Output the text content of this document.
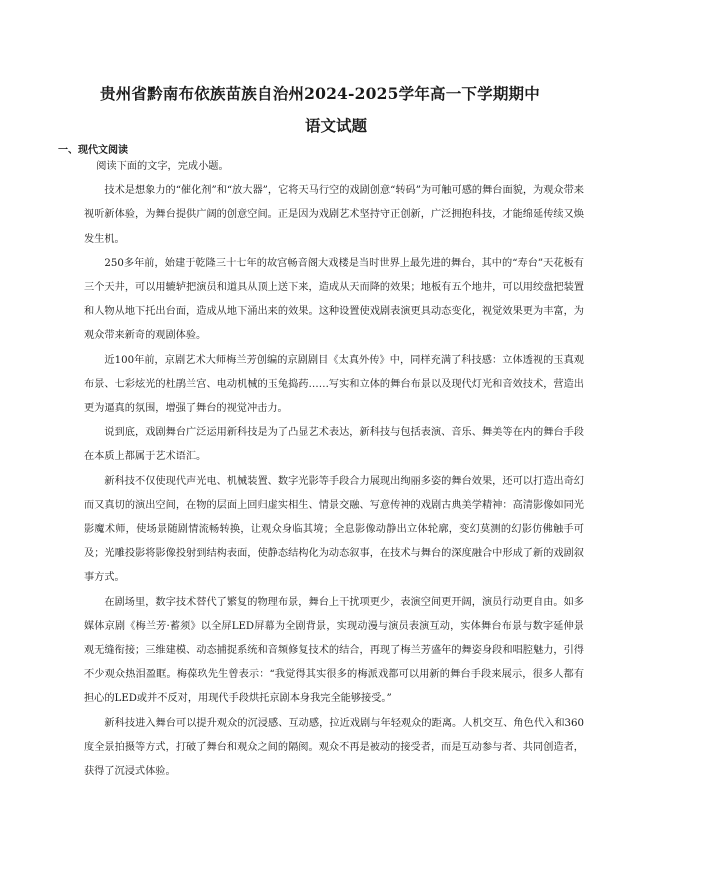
贵州省黔南布依族苗族自治州2024-2025学年高一下学期期中
语文试题
一、现代文阅读

阅读下面的文字，完成小题。

技术是想象力的“催化剂”和“放大器”，它将天马行空的戏剧创意“转码”为可触可感的舞台面貌，为观众带来视听新体验，为舞台提供广阔的创意空间。正是因为戏剧艺术坚持守正创新，广泛拥抱科技，才能绵延传续又焕发生机。

250多年前，始建于乾隆三十七年的故宫畅音阁大戏楼是当时世界上最先进的舞台，其中的“寿台”天花板有三个天井，可以用辘轳把演员和道具从顶上送下来，造成从天而降的效果；地板有五个地井，可以用绞盘把装置和人物从地下托出台面，造成从地下涌出来的效果。这种设置使戏剧表演更具动态变化，视觉效果更为丰富，为观众带来新奇的观剧体验。

近100年前，京剧艺术大师梅兰芳创编的京剧剧目《太真外传》中，同样充满了科技感：立体透视的玉真观布景、七彩炫光的杜鹃兰宫、电动机械的玉兔捣药……写实和立体的舞台布景以及现代灯光和音效技术，营造出更为逼真的氛围，增强了舞台的视觉冲击力。

说到底，戏剧舞台广泛运用新科技是为了凸显艺术表达，新科技与包括表演、音乐、舞美等在内的舞台手段在本质上都属于艺术语汇。

新科技不仅使现代声光电、机械装置、数字光影等手段合力展现出绚丽多姿的舞台效果，还可以打造出奇幻而又真切的演出空间，在物的层面上回归虚实相生、情景交融、写意传神的戏剧古典美学精神：高清影像如同光影魔术师，使场景随剧情流畅转换，让观众身临其境；全息影像动静出立体轮廓，变幻莫测的幻影仿佛触手可及；光雕投影将影像投射到结构表面，使静态结构化为动态叙事，在技术与舞台的深度融合中形成了新的戏剧叙事方式。

在剧场里，数字技术替代了繁复的物理布景，舞台上干扰项更少，表演空间更开阔，演员行动更自由。如多媒体京剧《梅兰芳·蓄须》以全屏LED屏幕为全剧背景，实现动漫与演员表演互动，实体舞台布景与数字延伸景观无缝衔接；三维建模、动态捕捉系统和音频修复技术的结合，再现了梅兰芳盛年的舞姿身段和唱腔魅力，引得不少观众热泪盈眶。梅葆玖先生曾表示：“我觉得其实很多的梅派戏都可以用新的舞台手段来展示，很多人都有担心的LED或并不反对，用现代手段烘托京剧本身我完全能够接受。”

新科技进入舞台可以提升观众的沉浸感、互动感，拉近戏剧与年轻观众的距离。人机交互、角色代入和360度全景拍摄等方式，打破了舞台和观众之间的隔阂。观众不再是被动的接受者，而是互动参与者、共同创造者，获得了沉浸式体验。
